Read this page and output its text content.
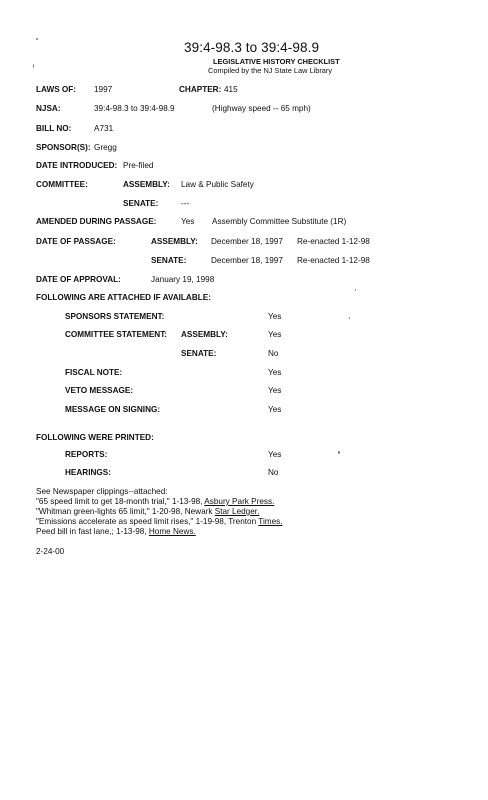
39:4-98.3 to 39:4-98.9
LEGISLATIVE HISTORY CHECKLIST
Compiled by the NJ State Law Library
LAWS OF: 1997	CHAPTER: 415
NJSA:	39:4-98.3 to 39:4-98.9	(Highway speed -- 65 mph)
BILL NO:	A731
SPONSOR(S): Gregg
DATE INTRODUCED: Pre-filed
COMMITTEE:	ASSEMBLY: Law & Public Safety
SENATE:	---
AMENDED DURING PASSAGE:	Yes Assembly Committee Substitute (1R)
DATE OF PASSAGE:	ASSEMBLY: December 18, 1997 Re-enacted 1-12-98
SENATE:	December 18, 1997 Re-enacted 1-12-98
DATE OF APPROVAL:	January 19, 1998
FOLLOWING ARE ATTACHED IF AVAILABLE:
SPONSORS STATEMENT:	Yes
COMMITTEE STATEMENT: ASSEMBLY:	Yes
SENATE:	No
FISCAL NOTE:	Yes
VETO MESSAGE:	Yes
MESSAGE ON SIGNING:	Yes
FOLLOWING WERE PRINTED:
REPORTS:	Yes
HEARINGS:	No
See Newspaper clippings--attached:
"65 speed limit to get 18-month trial," 1-13-98, Asbury Park Press.
"Whitman green-lights 65 limit," 1-20-98, Newark Star Ledger.
"Emissions accelerate as speed limit rises," 1-19-98, Trenton Times.
Peed bill in fast lane,; 1-13-98, Home News.
2-24-00
